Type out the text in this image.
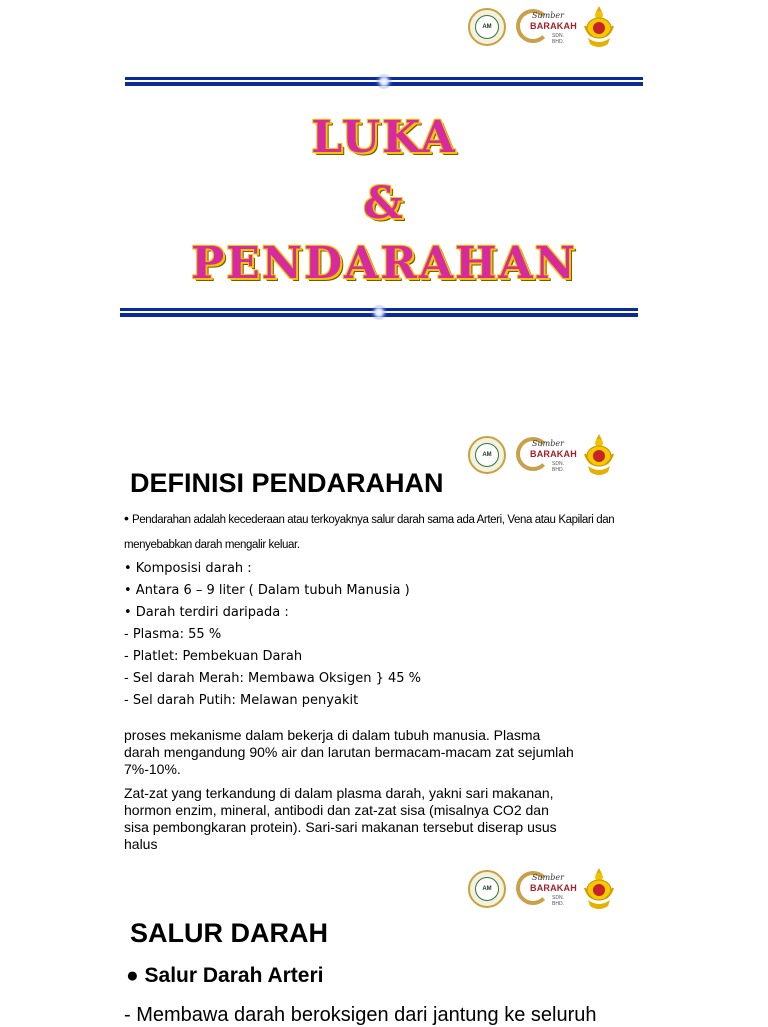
AM
Sumber
BARAKAH
SDN. BHD.
LUKA
&
PENDARAHAN
AM
Sumber
BARAKAH
SDN. BHD.
DEFINISI PENDARAHAN
• Pendarahan adalah kecederaan atau terkoyaknya salur darah sama ada Arteri, Vena atau Kapilari dan
menyebabkan darah mengalir keluar.
• Komposisi darah :
• Antara 6 – 9 liter ( Dalam tubuh Manusia )
• Darah terdiri daripada :
- Plasma: 55 %
- Platlet: Pembekuan Darah
- Sel darah Merah: Membawa Oksigen } 45 %
- Sel darah Putih: Melawan penyakit
proses mekanisme dalam bekerja di dalam tubuh manusia. Plasma darah mengandung 90% air dan larutan bermacam-macam zat sejumlah 7%-10%.
Zat-zat yang terkandung di dalam plasma darah, yakni sari makanan, hormon enzim, mineral, antibodi dan zat-zat sisa (misalnya CO2 dan sisa pembongkaran protein). Sari-sari makanan tersebut diserap usus halus
AM
Sumber
BARAKAH
SDN. BHD.
SALUR DARAH
● Salur Darah Arteri
- Membawa darah beroksigen dari jantung ke seluruh
